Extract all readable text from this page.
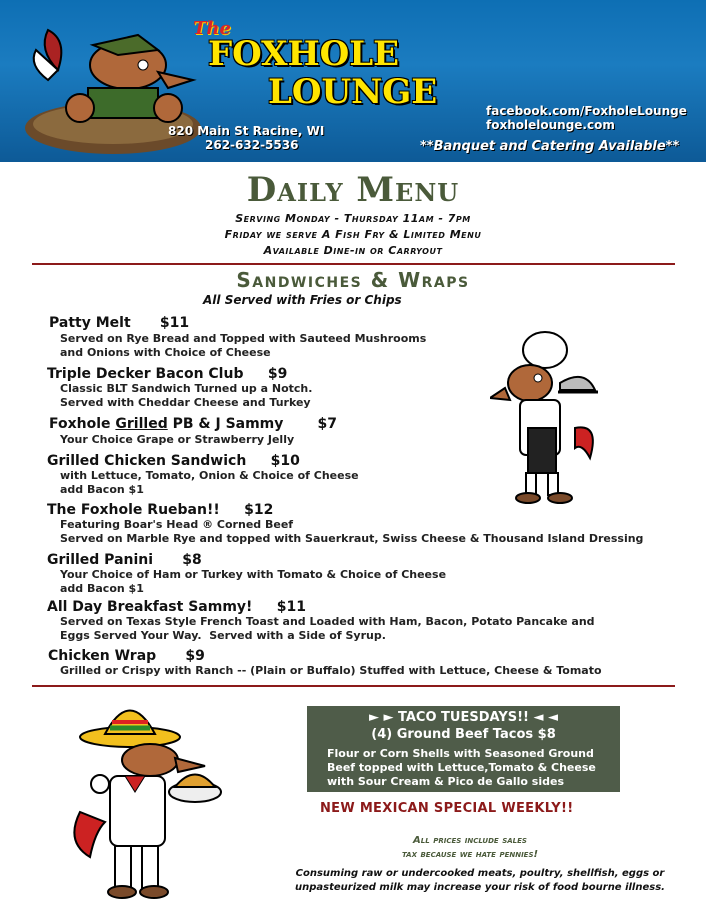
The
FOXHOLE
LOUNGE
820 Main St Racine, WI
262-632-5536
facebook.com/FoxholeLounge
foxholelounge.com
**Banquet and Catering Available**
Daily Menu
Serving Monday - Thursday 11am - 7pm
Friday we serve A Fish Fry & Limited Menu
Available Dine-in or Carryout
Sandwiches & Wraps
All Served with Fries or Chips
Patty Melt      $11
Served on Rye Bread and Topped with Sauteed Mushrooms
and Onions with Choice of Cheese
Triple Decker Bacon Club     $9
Classic BLT Sandwich Turned up a Notch.
Served with Cheddar Cheese and Turkey
Foxhole Grilled PB & J Sammy       $7
Your Choice Grape or Strawberry Jelly
Grilled Chicken Sandwich     $10
with Lettuce, Tomato, Onion & Choice of Cheese
add Bacon $1
The Foxhole Rueban!!     $12
Featuring Boar's Head ® Corned Beef
Served on Marble Rye and topped with Sauerkraut, Swiss Cheese & Thousand Island Dressing
Grilled Panini      $8
Your Choice of Ham or Turkey with Tomato & Choice of Cheese
add Bacon $1
All Day Breakfast Sammy!     $11
Served on Texas Style French Toast and Loaded with Ham, Bacon, Potato Pancake and
Eggs Served Your Way.  Served with a Side of Syrup.
Chicken Wrap      $9
Grilled or Crispy with Ranch -- (Plain or Buffalo) Stuffed with Lettuce, Cheese & Tomato
► ► TACO TUESDAYS!! ◄ ◄
(4) Ground Beef Tacos $8
Flour or Corn Shells with Seasoned Ground
Beef topped with Lettuce,Tomato & Cheese
with Sour Cream & Pico de Gallo sides
NEW MEXICAN SPECIAL WEEKLY!!
All prices include sales
tax because we hate pennies!
Consuming raw or undercooked meats, poultry, shellfish, eggs or
unpasteurized milk may increase your risk of food bourne illness.
